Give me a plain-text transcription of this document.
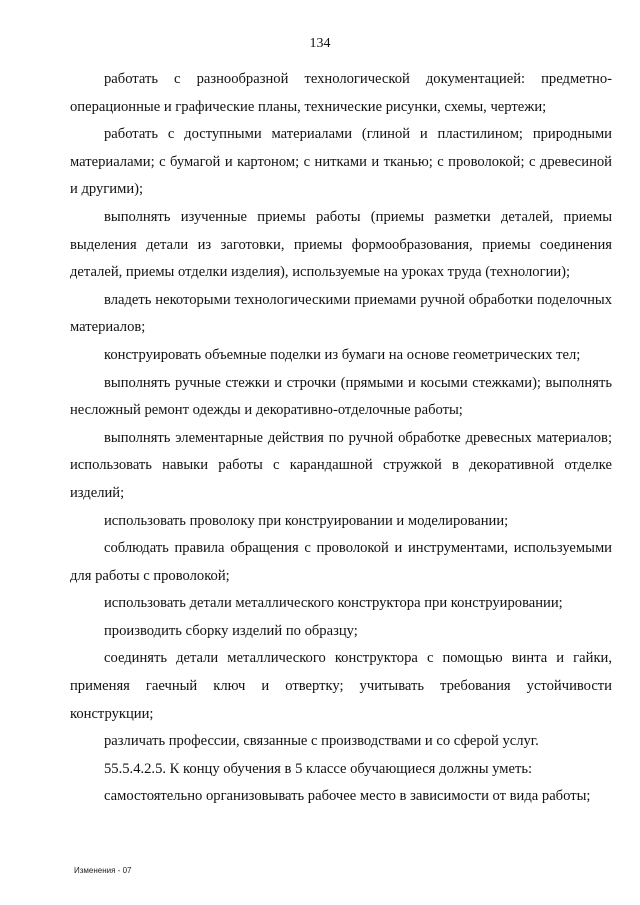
134

работать с разнообразной технологической документацией: предметно-операционные и графические планы, технические рисунки, схемы, чертежи;

работать с доступными материалами (глиной и пластилином; природными материалами; с бумагой и картоном; с нитками и тканью; с проволокой; с древесиной и другими);

выполнять изученные приемы работы (приемы разметки деталей, приемы выделения детали из заготовки, приемы формообразования, приемы соединения деталей, приемы отделки изделия), используемые на уроках труда (технологии);

владеть некоторыми технологическими приемами ручной обработки поделочных материалов;

конструировать объемные поделки из бумаги на основе геометрических тел;

выполнять ручные стежки и строчки (прямыми и косыми стежками); выполнять несложный ремонт одежды и декоративно-отделочные работы;

выполнять элементарные действия по ручной обработке древесных материалов; использовать навыки работы с карандашной стружкой в декоративной отделке изделий;

использовать проволоку при конструировании и моделировании;

соблюдать правила обращения с проволокой и инструментами, используемыми для работы с проволокой;

использовать детали металлического конструктора при конструировании;

производить сборку изделий по образцу;

соединять детали металлического конструктора с помощью винта и гайки, применяя гаечный ключ и отвертку; учитывать требования устойчивости конструкции;

различать профессии, связанные с производствами и со сферой услуг.

55.5.4.2.5. К концу обучения в 5 классе обучающиеся должны уметь:

самостоятельно организовывать рабочее место в зависимости от вида работы;

Изменения - 07
